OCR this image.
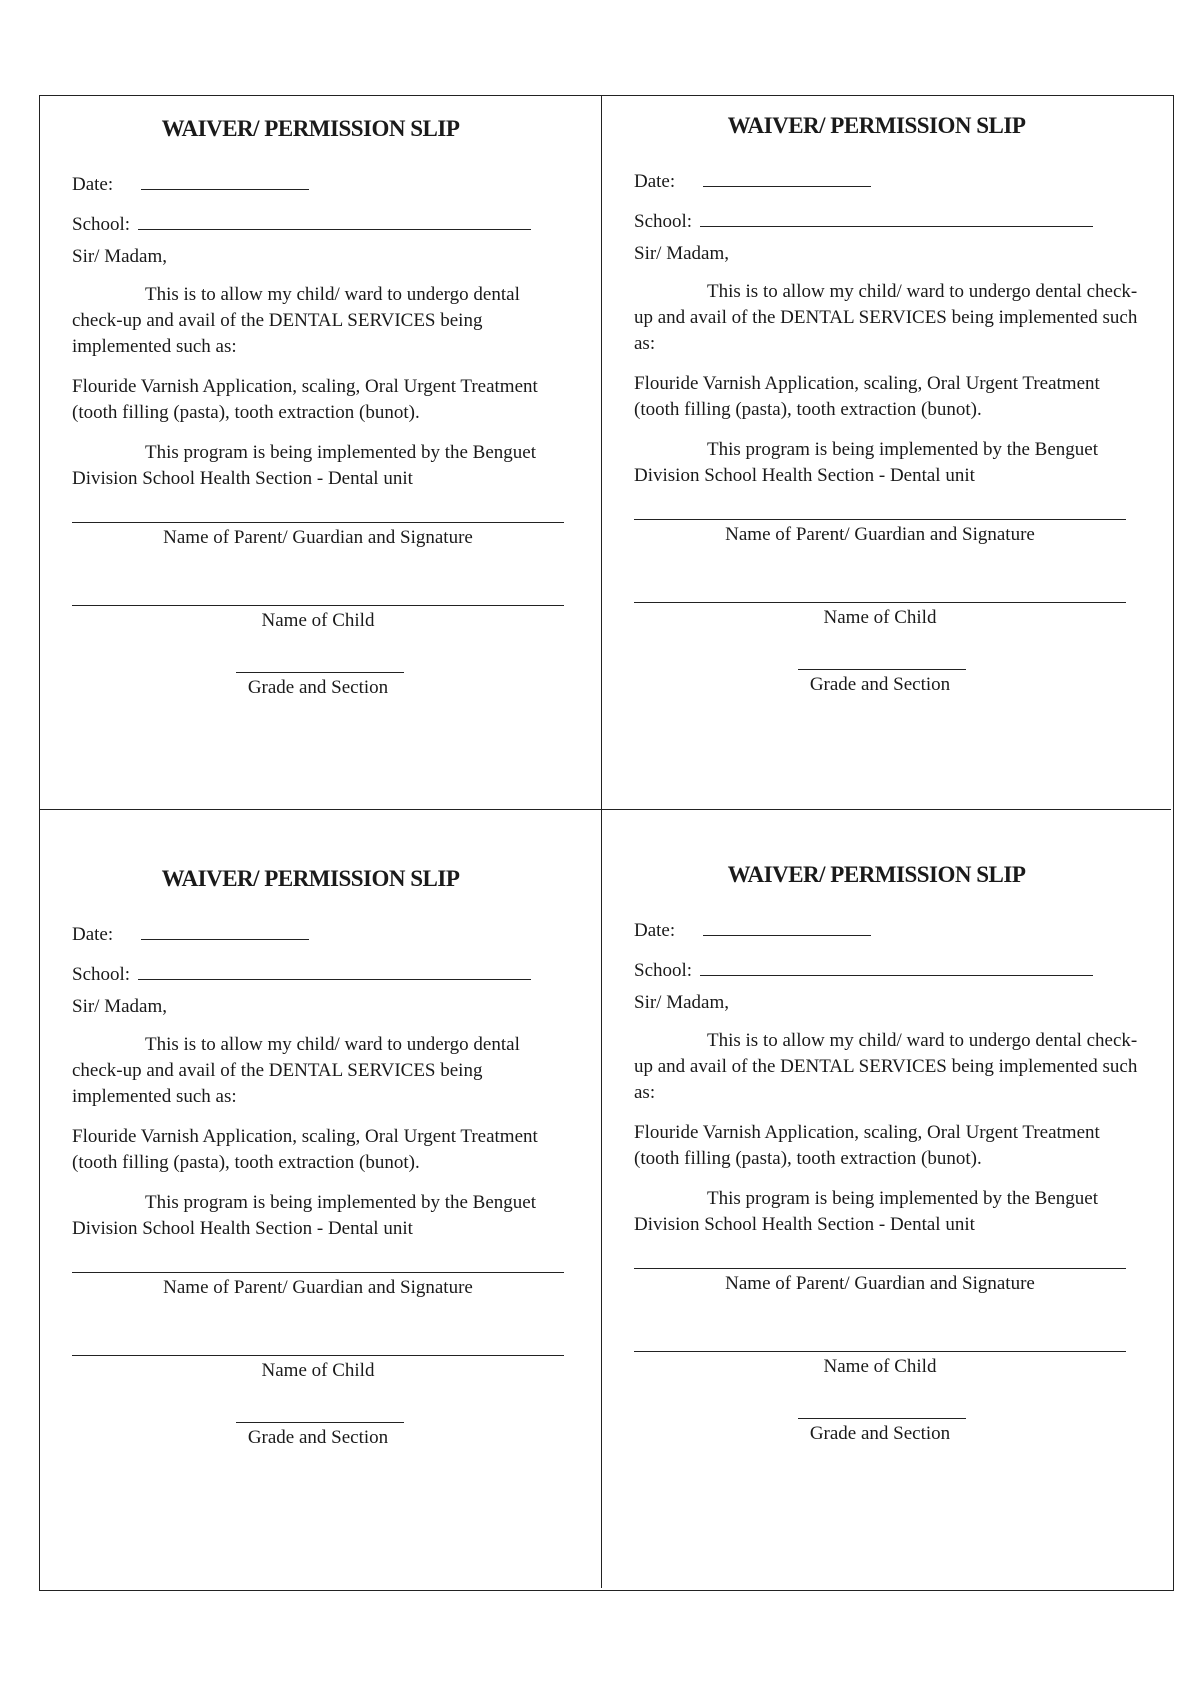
WAIVER/ PERMISSION SLIP
Date:
School:
Sir/ Madam,

This is to allow my child/ ward to undergo dental check-up and avail of the DENTAL SERVICES being implemented such as:

Flouride Varnish Application, scaling, Oral Urgent Treatment (tooth filling (pasta), tooth extraction (bunot).

This program is being implemented by the Benguet Division School Health Section - Dental unit

Name of Parent/ Guardian and Signature
Name of Child
Grade and Section
WAIVER/ PERMISSION SLIP
Date:
School:
Sir/ Madam,

This is to allow my child/ ward to undergo dental check-up and avail of the DENTAL SERVICES being implemented such as:

Flouride Varnish Application, scaling, Oral Urgent Treatment (tooth filling (pasta), tooth extraction (bunot).

This program is being implemented by the Benguet Division School Health Section - Dental unit

Name of Parent/ Guardian and Signature
Name of Child
Grade and Section
WAIVER/ PERMISSION SLIP
Date:
School:
Sir/ Madam,

This is to allow my child/ ward to undergo dental check-up and avail of the DENTAL SERVICES being implemented such as:

Flouride Varnish Application, scaling, Oral Urgent Treatment (tooth filling (pasta), tooth extraction (bunot).

This program is being implemented by the Benguet Division School Health Section - Dental unit

Name of Parent/ Guardian and Signature
Name of Child
Grade and Section
WAIVER/ PERMISSION SLIP
Date:
School:
Sir/ Madam,

This is to allow my child/ ward to undergo dental check-up and avail of the DENTAL SERVICES being implemented such as:

Flouride Varnish Application, scaling, Oral Urgent Treatment (tooth filling (pasta), tooth extraction (bunot).

This program is being implemented by the Benguet Division School Health Section - Dental unit

Name of Parent/ Guardian and Signature
Name of Child
Grade and Section
